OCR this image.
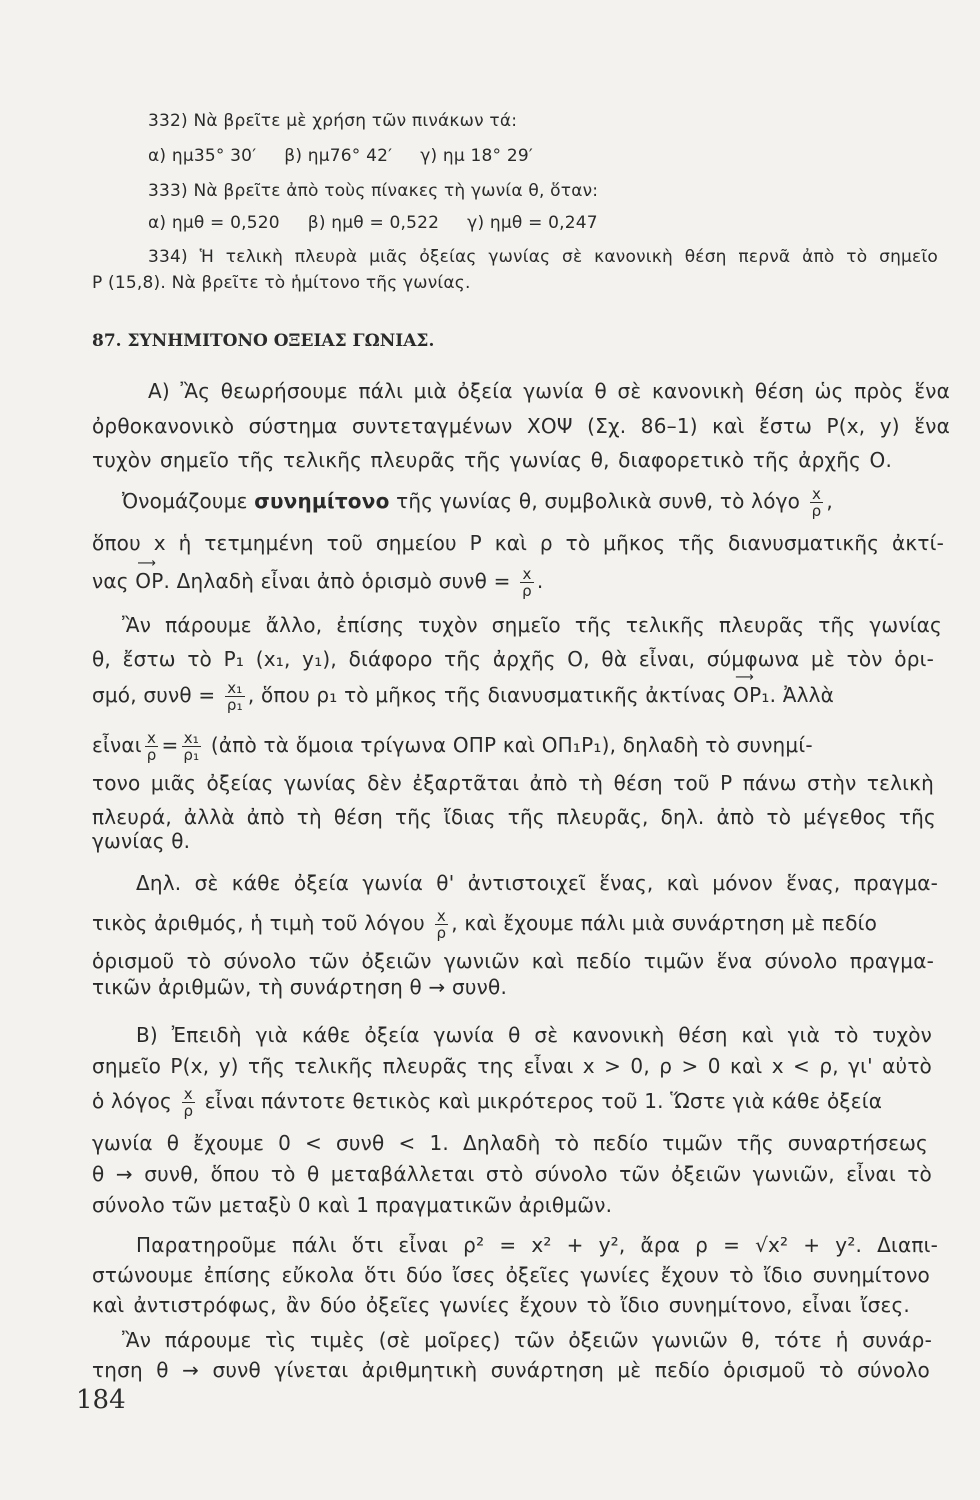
332) Νὰ βρεῖτε μὲ χρήση τῶν πινάκων τά:
α) ημ35° 30′     β) ημ76° 42′     γ) ημ 18° 29′
333) Νὰ βρεῖτε ἀπὸ τοὺς πίνακες τὴ γωνία θ, ὅταν:
α) ημθ = 0,520     β) ημθ = 0,522     γ) ημθ = 0,247
334) Ἡ τελικὴ πλευρὰ μιᾶς ὀξείας γωνίας σὲ κανονικὴ θέση περνᾶ ἀπὸ τὸ σημεῖο
P (15,8). Νὰ βρεῖτε τὸ ἡμίτονο τῆς γωνίας.
87. ΣΥΝΗΜΙΤΟΝΟ ΟΞΕΙΑΣ ΓΩΝΙΑΣ.
A) Ἂς θεωρήσουμε πάλι μιὰ ὀξεία γωνία θ σὲ κανονικὴ θέση ὡς πρὸς ἕνα
ὀρθοκανονικὸ σύστημα συντεταγμένων ΧΟΨ (Σχ. 86–1) καὶ ἔστω P(x, y) ἕνα
τυχὸν σημεῖο τῆς τελικῆς πλευρᾶς τῆς γωνίας θ, διαφορετικὸ τῆς ἀρχῆς Ο.
Ὀνομάζουμε συνημίτονο τῆς γωνίας θ, συμβολικὰ συνθ, τὸ λόγο $\frac{x}{\rho}$ ,
ὅπου x ἡ τετμημένη τοῦ σημείου P καὶ ρ τὸ μῆκος τῆς διανυσματικῆς ἀκτί-
νας ⟶ OP. Δηλαδὴ εἶναι ἀπὸ ὁρισμὸ $\sigma\upsilon\nu\theta = \frac{x}{\rho}$ .
Ἂν πάρουμε ἄλλο, ἐπίσης τυχὸν σημεῖο τῆς τελικῆς πλευρᾶς τῆς γωνίας
θ, ἔστω τὸ P₁ (x₁, y₁), διάφορο τῆς ἀρχῆς Ο, θὰ εἶναι, σύμφωνα μὲ τὸν ὁρι-
σμό, $\sigma\upsilon\nu\theta = \frac{\text{x₁}}{\text{ρ₁}}$ , ὅπου ρ₁ τὸ μῆκος τῆς διανυσματικῆς ἀκτίνας ⟶ OP₁. Ἀλλὰ
εἶναι $\frac{x}{\rho} = \frac{\text{x₁}}{\text{ρ₁}}$ (ἀπὸ τὰ ὅμοια τρίγωνα ΟΠΡ καὶ ΟΠ₁Ρ₁), δηλαδὴ τὸ συνημί-
τονο μιᾶς ὀξείας γωνίας δὲν ἐξαρτᾶται ἀπὸ τὴ θέση τοῦ Ρ πάνω στὴν τελικὴ
πλευρά, ἀλλὰ ἀπὸ τὴ θέση τῆς ἴδιας τῆς πλευρᾶς, δηλ. ἀπὸ τὸ μέγεθος τῆς
γωνίας θ.
Δηλ. σὲ κάθε ὀξεία γωνία θ' ἀντιστοιχεῖ ἕνας, καὶ μόνον ἕνας, πραγμα-
τικὸς ἀριθμός, ἡ τιμὴ τοῦ λόγου $\frac{x}{\rho}$ , καὶ ἔχουμε πάλι μιὰ συνάρτηση μὲ πεδίο
ὁρισμοῦ τὸ σύνολο τῶν ὀξειῶν γωνιῶν καὶ πεδίο τιμῶν ἕνα σύνολο πραγμα-
τικῶν ἀριθμῶν, τὴ συνάρτηση θ → συνθ.
B) Ἐπειδὴ γιὰ κάθε ὀξεία γωνία θ σὲ κανονικὴ θέση καὶ γιὰ τὸ τυχὸν
σημεῖο P(x, y) τῆς τελικῆς πλευρᾶς της εἶναι x > 0, ρ > 0 καὶ x < ρ, γι' αὐτὸ
ὁ λόγος $\frac{x}{\rho}$ εἶναι πάντοτε θετικὸς καὶ μικρότερος τοῦ 1. Ὥστε γιὰ κάθε ὀξεία
γωνία θ ἔχουμε 0 < συνθ < 1. Δηλαδὴ τὸ πεδίο τιμῶν τῆς συναρτήσεως
θ → συνθ, ὅπου τὸ θ μεταβάλλεται στὸ σύνολο τῶν ὀξειῶν γωνιῶν, εἶναι τὸ
σύνολο τῶν μεταξὺ 0 καὶ 1 πραγματικῶν ἀριθμῶν.
Παρατηροῦμε πάλι ὅτι εἶναι ρ² = x² + y², ἄρα ρ = √x² + y². Διαπι-
στώνουμε ἐπίσης εὔκολα ὅτι δύο ἴσες ὀξεῖες γωνίες ἔχουν τὸ ἴδιο συνημίτονο
καὶ ἀντιστρόφως, ἂν δύο ὀξεῖες γωνίες ἔχουν τὸ ἴδιο συνημίτονο, εἶναι ἴσες.
Ἂν πάρουμε τὶς τιμὲς (σὲ μοῖρες) τῶν ὀξειῶν γωνιῶν θ, τότε ἡ συνάρ-
τηση θ → συνθ γίνεται ἀριθμητικὴ συνάρτηση μὲ πεδίο ὁρισμοῦ τὸ σύνολο
184
